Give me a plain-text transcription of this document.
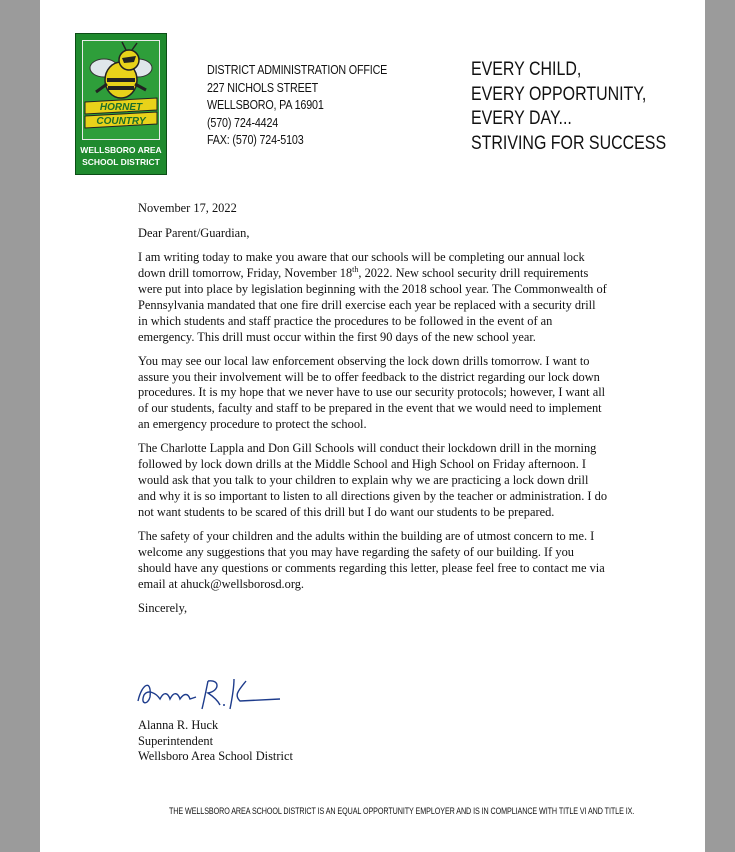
HORNET
COUNTRY
WELLSBORO AREA SCHOOL DISTRICT
DISTRICT ADMINISTRATION OFFICE
227 NICHOLS STREET
WELLSBORO, PA 16901
(570) 724-4424
FAX: (570) 724-5103
EVERY CHILD,
EVERY OPPORTUNITY,
EVERY DAY...
STRIVING FOR SUCCESS

November 17, 2022

Dear Parent/Guardian,

I am writing today to make you aware that our schools will be completing our annual lock down drill tomorrow, Friday, November 18th, 2022. New school security drill requirements were put into place by legislation beginning with the 2018 school year. The Commonwealth of Pennsylvania mandated that one fire drill exercise each year be replaced with a security drill in which students and staff practice the procedures to be followed in the event of an emergency. This drill must occur within the first 90 days of the new school year.

You may see our local law enforcement observing the lock down drills tomorrow. I want to assure you their involvement will be to offer feedback to the district regarding our lock down procedures. It is my hope that we never have to use our security protocols; however, I want all of our students, faculty and staff to be prepared in the event that we would need to implement an emergency procedure to protect the school.

The Charlotte Lappla and Don Gill Schools will conduct their lockdown drill in the morning followed by lock down drills at the Middle School and High School on Friday afternoon. I would ask that you talk to your children to explain why we are practicing a lock down drill and why it is so important to listen to all directions given by the teacher or administration. I do not want students to be scared of this drill but I do want our students to be prepared.

The safety of your children and the adults within the building are of utmost concern to me. I welcome any suggestions that you may have regarding the safety of our building. If you should have any questions or comments regarding this letter, please feel free to contact me via email at ahuck@wellsborosd.org.

Sincerely,

Alanna R. Huck
Superintendent
Wellsboro Area School District
THE WELLSBORO AREA SCHOOL DISTRICT IS AN EQUAL OPPORTUNITY EMPLOYER AND IS IN COMPLIANCE WITH TITLE VI AND TITLE IX.
